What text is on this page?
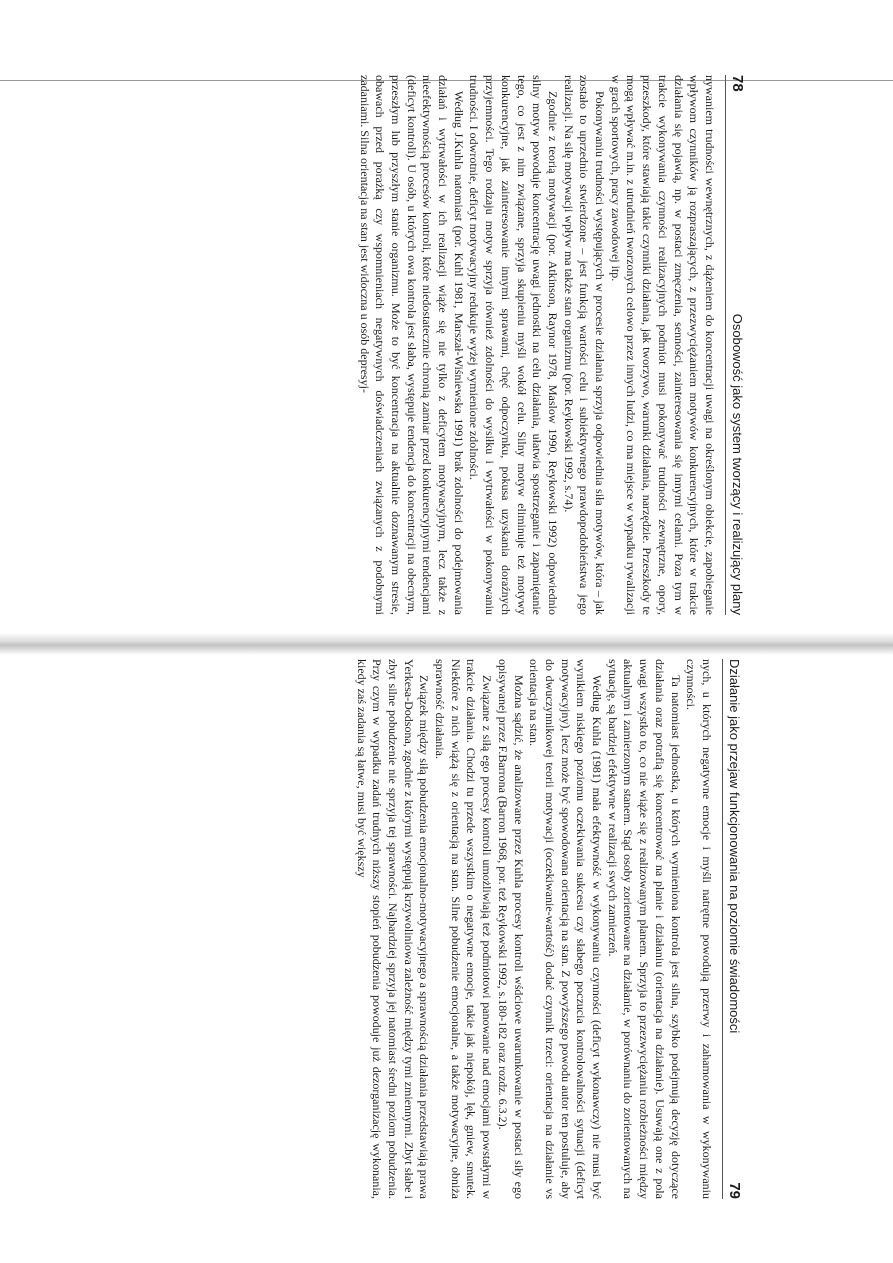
78
Osobowość jako system tworzący i realizujący plany

nywaniem trudności wewnętrznych, z dążeniem do koncentracji uwagi na określonym obiekcie, zapobieganie wpływom czynników ją rozpraszających, z przezwyciężaniem motywów konkurencyjnych, które w trakcie działania się pojawią, np. w postaci zmęczenia, senności, zainteresowania się innymi celami. Poza tym w trakcie wykonywania czynności realizacyjnych podmiot musi pokonywać trudności zewnętrzne, opory, przeszkody, które stawiają takie czynniki działania, jak tworzywo, warunki działania, narzędzie. Przeszkody te mogą wpływać m.in. z utrudnień tworzonych celowo przez innych ludzi, co ma miejsce w wypadku rywalizacji w grach sportowych, pracy zawodowej itp.

Pokonywaniu trudności występujących w procesie działania sprzyja odpowiednia siła motywów, która – jak zostało to uprzednio stwierdzone – jest funkcją wartości celu i subiektywnego prawdopodobieństwa jego realizacji. Na siłę motywacji wpływ ma także stan organizmu (por. Reykowski 1992, s.74).

Zgodnie z teorią motywacji (por. Atkinson, Raynor 1978, Maslow 1990, Reykowski 1992) odpowiednio silny motyw powoduje koncentrację uwagi jednostki na celu działania, ułatwia spostrzeganie i zapamiętanie tego, co jest z nim związane, sprzyja skupieniu myśli wokół celu. Silny motyw eliminuje też motywy konkurencyjne, jak zainteresowanie innymi sprawami, chęć odpoczynku, pokusa uzyskania doraźnych przyjemności. Tego rodzaju motyw sprzyja również zdolności do wysiłku i wytrwałości w pokonywaniu trudności. I odwrotnie, deficyt motywacyjny redukuje wyżej wymienione zdolności.

Według J.Kuhla natomiast (por. Kuhl 1981, Marszał-Wiśniewska 1991) brak zdolności do podejmowania działań i wytrwałości w ich realizacji wiąże się nie tylko z deficytem motywacyjnym, lecz także z nieefektywnością procesów kontroli, które niedostatecznie chronią zamiar przed konkurencyjnymi tendencjami (deficyt kontroli). U osób, u których owa kontrola jest słaba, występuje tendencja do koncentracji na obecnym, przeszłym lub przyszłym stanie organizmu. Może to być koncentracja na aktualnie doznawanym stresie, obawach przed porażką czy wspomnieniach negatywnych doświadczeniach związanych z podobnymi zadaniami. Silna orientacja na stan jest widoczna u osób depresyj-

Działanie jako przejaw funkcjonowania na poziomie świadomości
79

nych, u których negatywne emocje i myśli natrętne powodują przerwy i zahamowania w wykonywaniu czynności.

Ta natomiast jednostka, u których wymieniona kontrola jest silna, szybko podejmują decyzję dotyczące działania oraz potrafią się koncentrować na planie i działaniu (orientacja na działanie). Usuwają one z pola uwagi wszystko to, co nie wiąże się z realizowanym planem. Sprzyja to przezwyciężaniu rozbieżności między aktualnym i zamierzonym stanem. Stąd osoby zorientowane na działanie, w porównaniu do zorientowanych na sytuację, są bardziej efektywne w realizacji swych zamierzeń.

Według Kuhla (1981) mała efektywność w wykonywaniu czynności (deficyt wykonawczy) nie musi być wynikiem niskiego poziomu oczekiwania sukcesu czy słabego poczucia kontrolowalności sytuacji (deficyt motywacyjny), lecz może być spowodowana orientacją na stan. Z powyższego powodu autor ten postuluje, aby do dwuczynnikowej teorii motywacji (oczekiwanie-wartość) dodać czynnik trzeci: orientacja na działanie vs orientacja na stan.

Można sądzić, że analizowane przez Kuhla procesy kontroli wśdciowe uwarunkowanie w postaci siły ego opisywanej przez F.Barrona (Barron 1968, por. też Reykowski 1992, s.180-182 oraz rozdz. 6.3.2).

Związane z siłą ego procesy kontroli umożliwiają też podmiotowi panowanie nad emocjami powstałymi w trakcie działania. Chodzi tu przede wszystkim o negatywne emocje, takie jak niepokój, lęk, gniew, smutek. Niektóre z nich wiążą się z orientacją na stan. Silne pobudzenie emocjonalne, a także motywacyjne, obniża sprawność działania.

Związek między siłą pobudzenia emocjonalno-motywacyjnego a sprawnością działania przedstawiają prawa Yerkesa-Dodsona, zgodnie z którymi występują krzywoliniowa zależność między tymi zmiennymi. Zbyt słabe i zbyt silne pobudzenie nie sprzyja tej sprawności. Najbardziej sprzyja jej natomiast średni poziom pobudzenia. Przy czym w wypadku zadań trudnych niższy stopień pobudzenia powoduje już dezorganizację wykonania, kiedy zaś zadania są łatwe, musi być większy
